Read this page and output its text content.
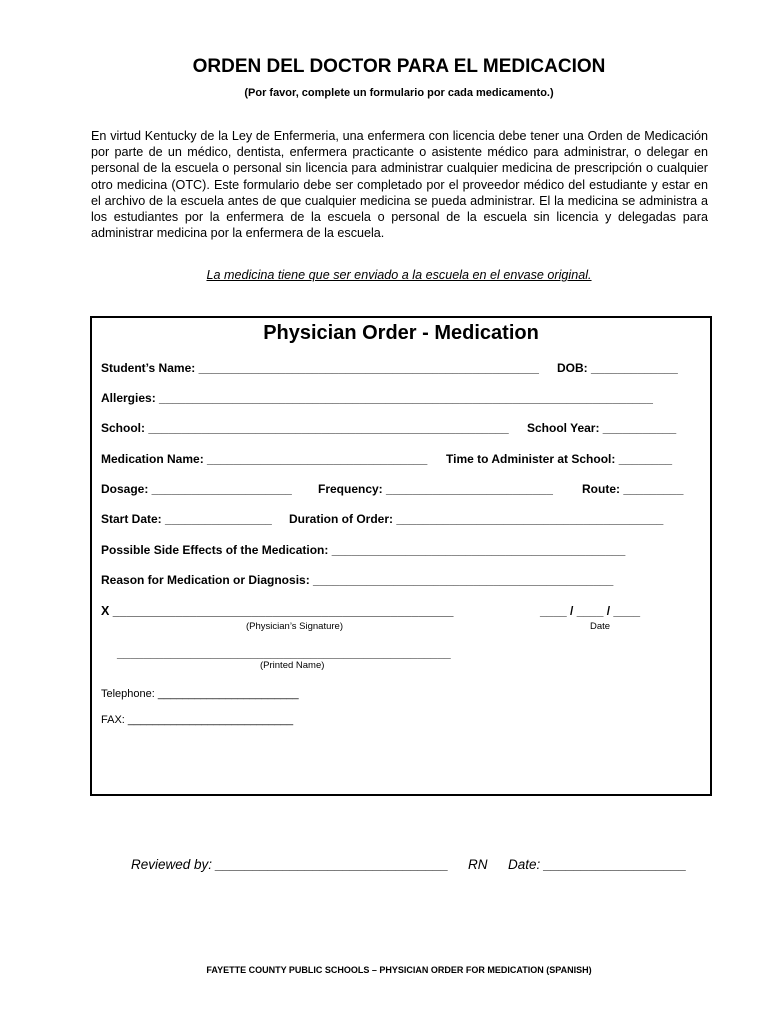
ORDEN DEL DOCTOR PARA EL MEDICACION
(Por favor, complete un formulario por cada medicamento.)
En virtud Kentucky de la Ley de Enfermeria, una enfermera con licencia debe tener una Orden de Medicación por parte de un médico, dentista, enfermera practicante o asistente médico para administrar, o delegar en personal de la escuela o personal sin licencia para administrar cualquier medicina de prescripción o cualquier otro medicina (OTC). Este formulario debe ser completado por el proveedor médico del estudiante y estar en el archivo de la escuela antes de que cualquier medicina se pueda administrar. El la medicina se administra a los estudiantes por la enfermera de la escuela o personal de la escuela sin licencia y delegadas para administrar medicina por la enfermera de la escuela.
La medicina tiene que ser enviado a la escuela en el envase original.
Physician Order - Medication
Student’s Name: ___________________________________________________ DOB: _____________
Allergies: __________________________________________________________________________
School: ______________________________________________________ School Year: ___________
Medication Name: _________________________________ Time to Administer at School: ________
Dosage: _____________________ Frequency: _________________________ Route: _________
Start Date: ________________ Duration of Order: ________________________________________
Possible Side Effects of the Medication: ____________________________________________
Reason for Medication or Diagnosis: _____________________________________________
X _________________________________________________	____ / ____ / ____
(Physician’s Signature)	Date
__________________________________________________
(Printed Name)
Telephone: _______________________
FAX: ___________________________
Reviewed by: _______________________________ RN Date: ___________________
FAYETTE COUNTY PUBLIC SCHOOLS – PHYSICIAN ORDER FOR MEDICATION (SPANISH)
